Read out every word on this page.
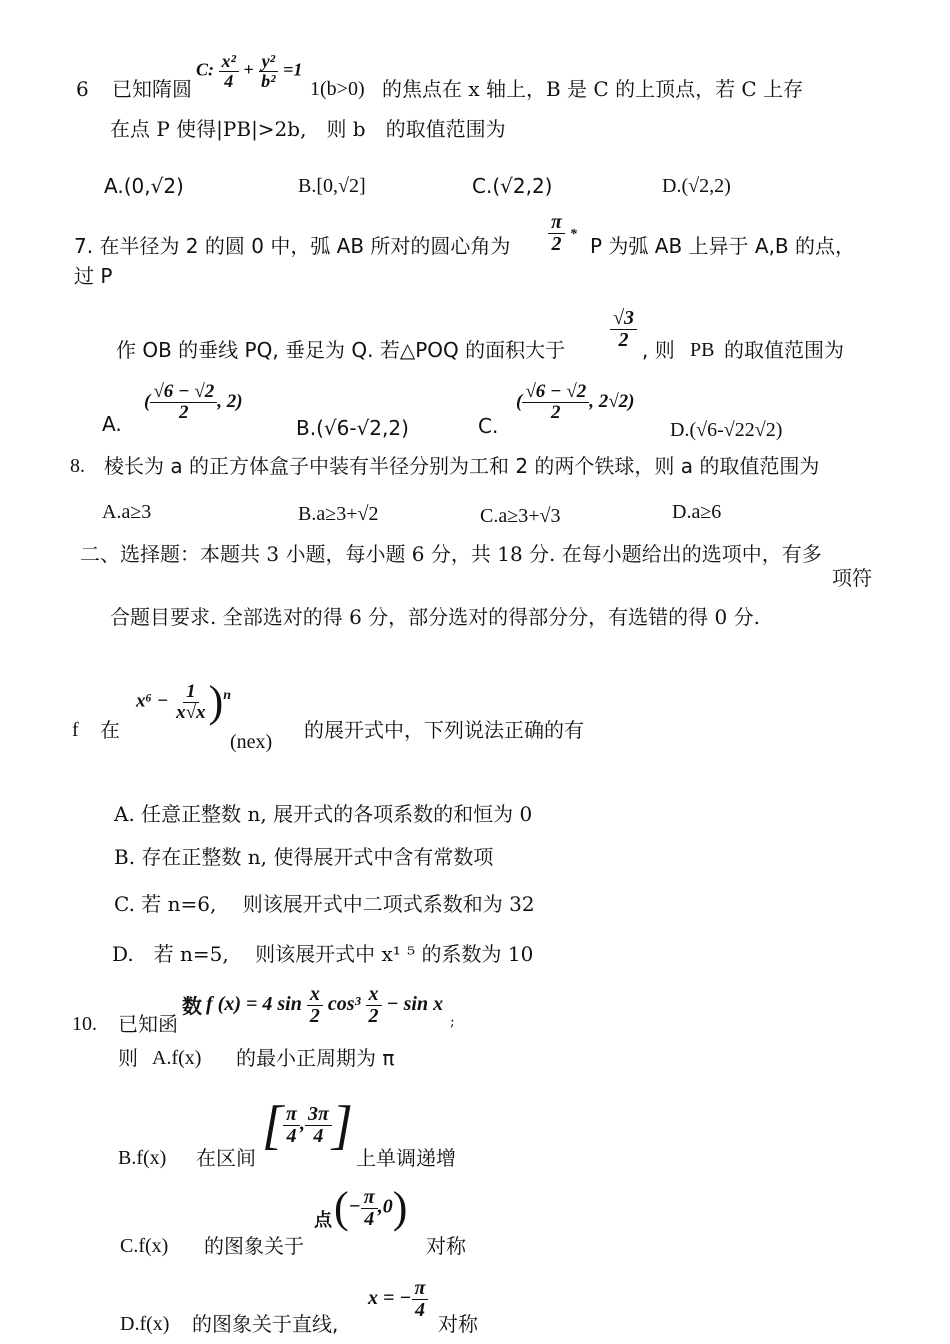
6 已知隋圆
C: $\frac{\text{x²}}{4} + \frac{\text{y²}}{\text{b²}} =1$
1(b>0) 的焦点在 x 轴上，B 是 C 的上顶点，若 C 上存
在点 P 使得|PB|>2b,　则 b　的取值范围为
A.(0,√2)	B.[0,√2]	C.(√2,2)	D.(√2,2)
7. 在半径为 2 的圆 0 中，弧 AB 所对的圆心角为 $\frac{\pi}{2}$ * P 为弧 AB 上异于 A,B 的点，
过 P
作 OB 的垂线 PQ, 垂足为 Q. 若△POQ 的面积大于 $\frac{√3}{2}$ , 则 PB 的取值范围为
A.
( $\frac{√6 - √2}{2}$ , 2)
B.(√6-√2,2)	C.
( $\frac{√6 - √2}{2}$ , 2√2)
D.(√6-√22√2)
8. 棱长为 a 的正方体盒子中装有半径分别为工和 2 的两个铁球，则 a 的取值范围为
A.a≥3	B.a≥3+√2	C.a≥3+√3	D.a≥6
二、选择题：本题共 3 小题，每小题 6 分，共 18 分. 在每小题给出的选项中，有多
项符
合题目要求. 全部选对的得 6 分，部分选对的得部分分，有选错的得 0 分.
f 在
$x^6 - \frac{1}{x√x} )^n$
(nex) 的展开式中，下列说法正确的有
A. 任意正整数 n, 展开式的各项系数的和恒为 0
B. 存在正整数 n, 使得展开式中含有常数项
C. 若 n=6,　 则该展开式中二项式系数和为 32
D.　若 n=5,　 则该展开式中 x¹ ⁵ 的系数为 10
10. 已知函
数 f (x) = 4 $\sin \frac{x}{2} \cos^3 \frac{x}{2} - \sin x$
;
则 A.f(x) 的最小正周期为 π
B.f(x) 在区间
[ $\frac{\pi}{4}$ , $\frac{3\pi}{4}$ ]
上单调递增
C.f(x) 的图象关于
点 (− $\frac{\pi}{4} ,0$)
对称
D.f(x) 的图象关于直线,
x = − $\frac{\pi}{4}$
对称
